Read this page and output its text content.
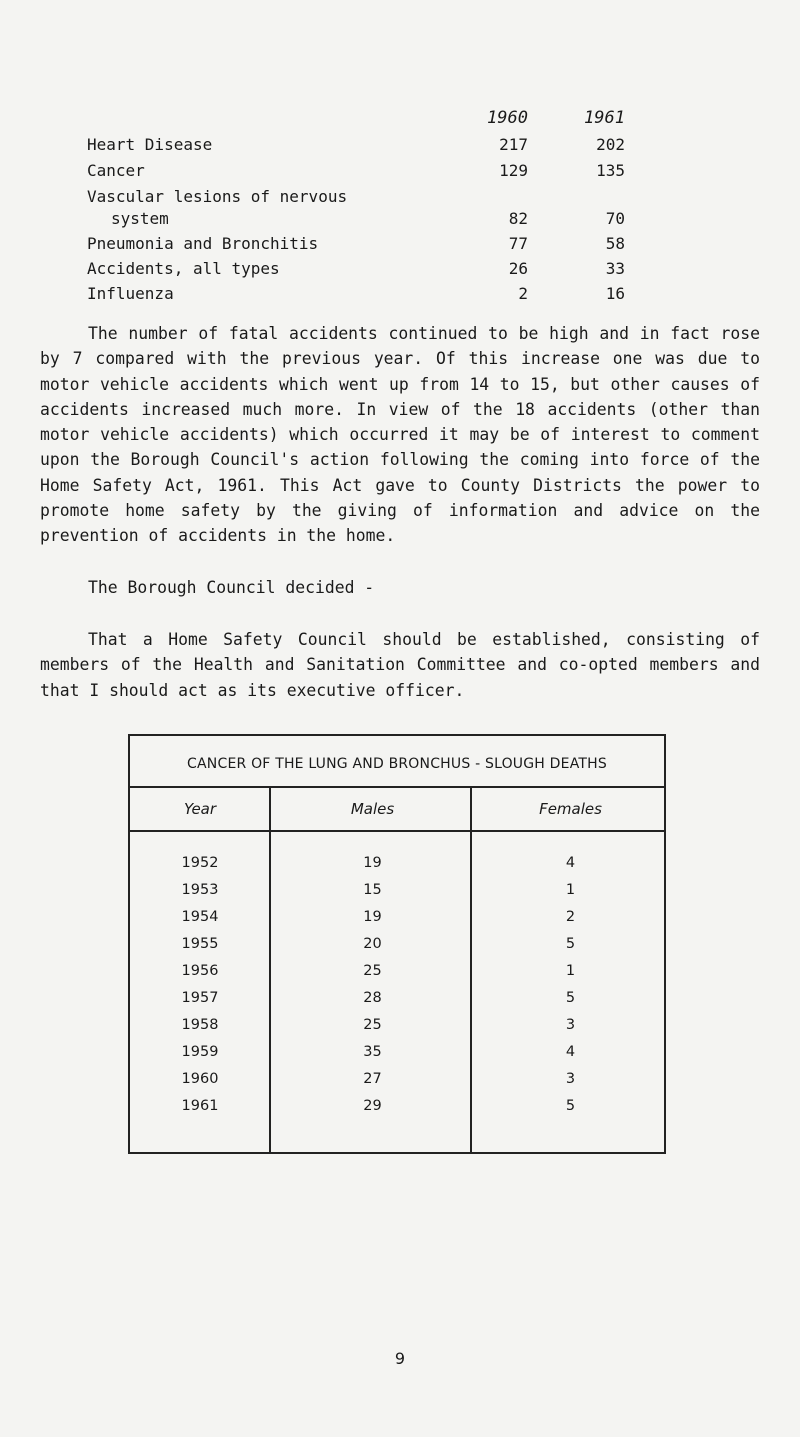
1960	1961
Heart Disease	217	202
Cancer	129	135
Vascular lesions of nervous
system	82	70
Pneumonia and Bronchitis	77	58
Accidents, all types	26	33
Influenza	2	16

The number of fatal accidents continued to be high and in fact rose by 7 compared with the previous year. Of this increase one was due to motor vehicle accidents which went up from 14 to 15, but other causes of accidents increased much more. In view of the 18 accidents (other than motor vehicle accidents) which occurred it may be of interest to comment upon the Borough Council's action following the coming into force of the Home Safety Act, 1961. This Act gave to County Districts the power to promote home safety by the giving of information and advice on the prevention of accidents in the home.

The Borough Council decided -

That a Home Safety Council should be established, consisting of members of the Health and Sanitation Committee and co-opted members and that I should act as its executive officer.

CANCER OF THE LUNG AND BRONCHUS - SLOUGH DEATHS
Year	Males	Females
1952	19	4
1953	15	1
1954	19	2
1955	20	5
1956	25	1
1957	28	5
1958	25	3
1959	35	4
1960	27	3
1961	29	5
9
